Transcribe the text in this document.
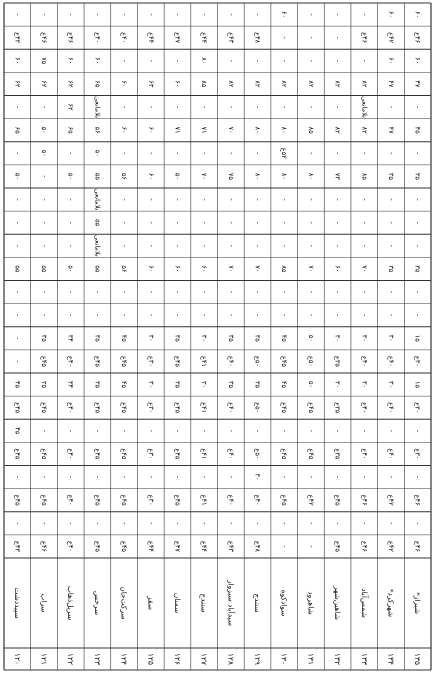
-
۴۲ع
۶۰
۶۲
-
۶۵
-
۵۰
-
-
-
۵۵
-
-
-
-
۴۵
۴۵ع
۴۵
۴۵ع
-
۴۵ع
-
۴۳ع
سپیددشت
۱۲۰
-
۴۶ع
۷۵
۶۲
-
۵۰
۵۰
-
-
-
-
۵۵
-
-
۳۵
۴۵ع
۳۵
۴۵ع
-
۴۵ع
-
۴۵ع
-
۴۶ع
سراب
۱۲۱
-
۴۶ع
۶۰
۶۲
۶۲
۶۵
-
۵۰
-
-
-
۵۰
-
-
۳۴
۴۰ع
۳۴
۴۰ع
-
۴۰ع
-
۴۰ع
-
۴۰ع
سرپل‌ذهاب
۱۲۲
-
۴۰ع
۶۰
۶۵
بلامانعی
۵۶
۵۰
۵۵
بلامانعی
۵۵
بلامانعی
۵۵
-
-
۳۵
۴۵ع
۳۵
۴۵ع
-
۴۵ع
-
۴۵ع
-
۴۵ع
سرخس
۱۲۳
-
۴۰ع
-
۶۰
-
۶۰
-
۵۶
-
-
-
۵۶
-
-
۴۵
۴۵ع
۴۵
۴۵ع
-
۴۵ع
-
۴۵ع
-
۴۵ع
سرکت‌جان
۱۲۴
-
۴۴ع
-
۶۳
-
۶۰
-
۶۰
-
-
-
۶۰
-
-
۳۰
۳۰ع
۳۰
۳۰ع
-
۳۰ع
-
۳۰ع
-
۴۴ع
سقز
۱۲۵
-
۴۷ع
-
۶۰
-
۷۱
-
۵۰
-
-
-
۶۰
-
-
۳۵
۴۵ع
۳۵
۴۵ع
-
۴۵ع
-
۴۵ع
-
۴۷ع
سمنان
۱۲۶
-
۴۴ع
۸۰
۸۵
-
۷۱
-
۷۰
-
-
-
۶۰
-
-
۳۰
۴۱ع
۳۰
۴۱ع
-
۴۱ع
-
۴۱ع
-
۴۴ع
سنندج
۱۲۷
-
۴۳ع
-
۸۲
-
۷۰
-
۷۵
-
-
-
۷۰
-
-
۳۵
۴۰ع
۳۵
۴۰ع
-
۴۰ع
-
۴۰ع
-
۴۳ع
سیدآباد سبزوار
۱۲۸
-
۴۸ع
-
۸۲
-
۸۰
-
۸۰
-
-
-
۷۰
-
-
۳۵
۵۰ع
۳۵
۵۰ع
-
۵۰ع
۳۰
۴۰ع
-
۴۸ع
سنندج
۱۲۹
۶۰
-
-
۸۲
-
۸۰
۵۲ع
۸۰
-
-
-
۸۵
-
-
۴۵
۴۵ع
۴۵
۴۵ع
-
۴۵ع
-
۴۵ع
-
-
سوادکوه
۱۳۰
-
-
-
۸۲
-
۸۵
-
۸۰
-
-
-
۷۰
-
-
۵۰
۵۰ع
۵۰
۴۵ع
-
۴۵ع
-
۴۲ع
-
-
شاهرود
۱۳۱
-
-
-
۸۲
-
۸۲
-
۷۳
-
-
-
۶۰
-
-
۳۰
۳۵ع
۳۰
۳۵ع
-
۳۵ع
-
۴۵ع
-
۴۵ع
شاهین‌شهر
۱۳۲
-
۴۶ع
-
۸۲
بلامانعی
۸۲
-
۸۵
-
-
-
۷۰
-
-
۳۰
۴۰ع
۳۰
۴۰ع
-
۴۰ع
-
۴۶ع
-
۴۶ع
شمس‌آباد
۱۳۳
۶۰
۴۲ع
۶۰
۴۷
-
۴۷
-
۳۵
-
-
-
۳۵
-
-
۳۰
۴۰ع
۳۰
۴۰ع
-
۴۰ع
-
۴۲ع
-
۴۲ع
شهرکرد*
۱۳۴
۶۰
۴۶ع
۶۰
۴۷
-
۴۵
-
۳۵
-
-
-
۳۵
-
-
۱۵
۳۰ع
۱۵
۳۰ع
-
۳۰ع
-
۴۶ع
-
۴۶ع
شیراز*
۱۳۵
